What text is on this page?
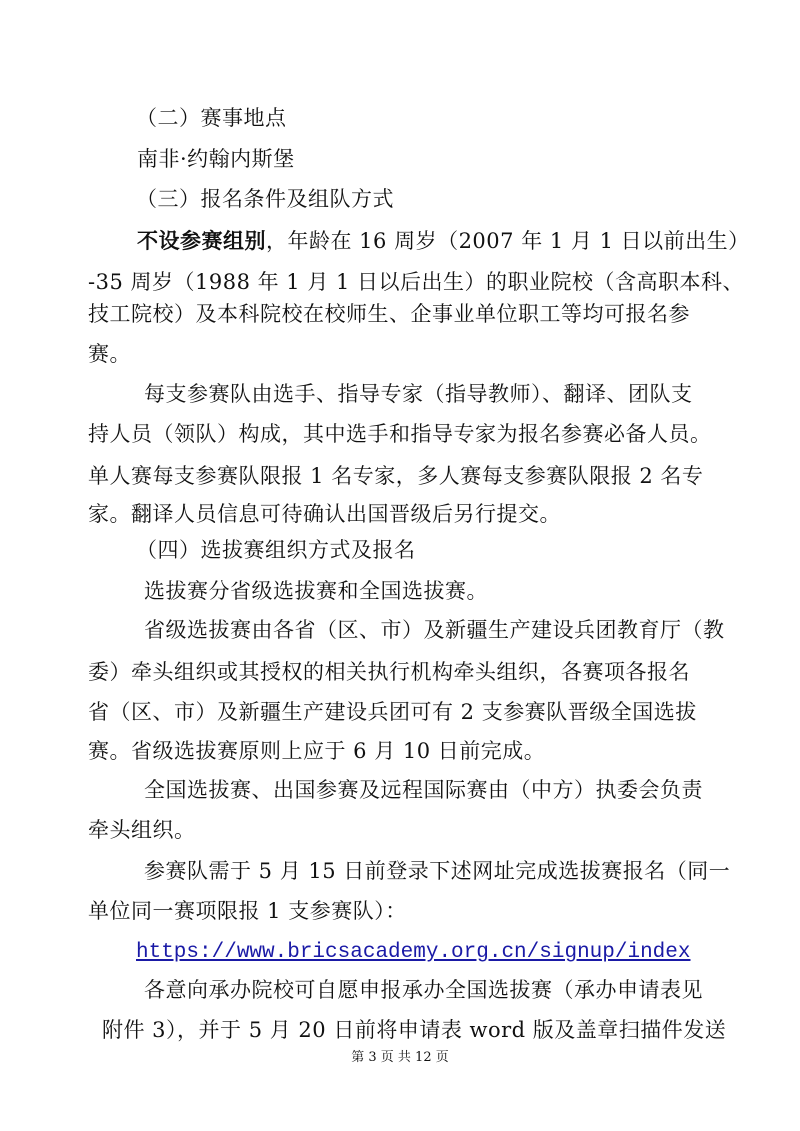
（二）赛事地点
南非·约翰内斯堡
（三）报名条件及组队方式
不设参赛组别，年龄在 16 周岁（2007 年 1 月 1 日以前出生）
-35 周岁（1988 年 1 月 1 日以后出生）的职业院校（含高职本科、
技工院校）及本科院校在校师生、企事业单位职工等均可报名参
赛。
每支参赛队由选手、指导专家（指导教师）、翻译、团队支
持人员（领队）构成，其中选手和指导专家为报名参赛必备人员。
单人赛每支参赛队限报 1 名专家，多人赛每支参赛队限报 2 名专
家。翻译人员信息可待确认出国晋级后另行提交。
（四）选拔赛组织方式及报名
选拔赛分省级选拔赛和全国选拔赛。
省级选拔赛由各省（区、市）及新疆生产建设兵团教育厅（教
委）牵头组织或其授权的相关执行机构牵头组织，各赛项各报名
省（区、市）及新疆生产建设兵团可有 2 支参赛队晋级全国选拔
赛。省级选拔赛原则上应于 6 月 10 日前完成。
全国选拔赛、出国参赛及远程国际赛由（中方）执委会负责
牵头组织。
参赛队需于 5 月 15 日前登录下述网址完成选拔赛报名（同一
单位同一赛项限报 1 支参赛队）：
https://www.bricsacademy.org.cn/signup/index
各意向承办院校可自愿申报承办全国选拔赛（承办申请表见
附件 3），并于 5 月 20 日前将申请表 word 版及盖章扫描件发送
第 3 页 共 12 页
